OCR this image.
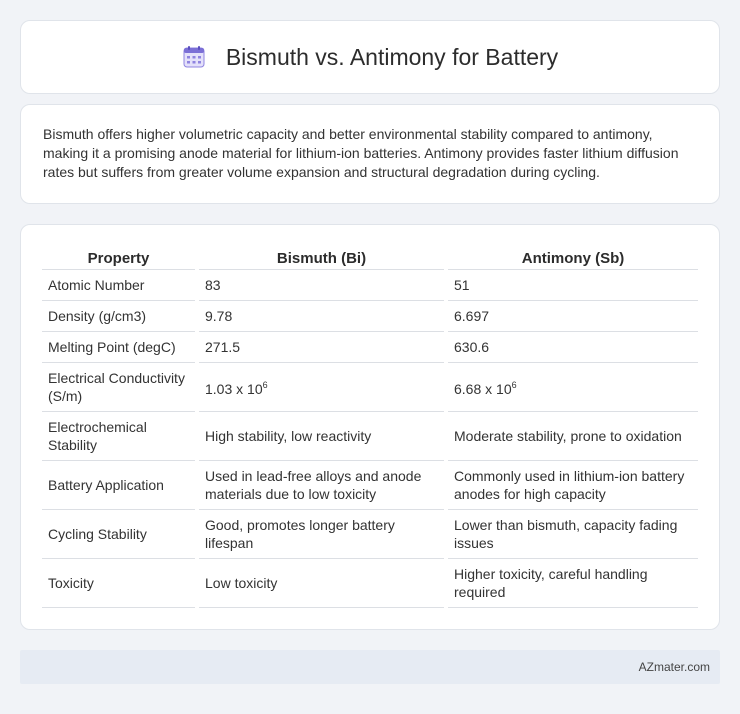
Bismuth vs. Antimony for Battery

Bismuth offers higher volumetric capacity and better environmental stability compared to antimony, making it a promising anode material for lithium-ion batteries. Antimony provides faster lithium diffusion rates but suffers from greater volume expansion and structural degradation during cycling.

Property		Bismuth (Bi)		Antimony (Sb)
Atomic Number		83		51
Density (g/cm3)		9.78		6.697
Melting Point (degC)		271.5		630.6
Electrical Conductivity (S/m)		1.03 x $10^6$		6.68 x $10^6$
Electrochemical Stability		High stability, low reactivity		Moderate stability, prone to oxidation
Battery Application		Used in lead-free alloys and anode materials due to low toxicity		Commonly used in lithium-ion battery anodes for high capacity
Cycling Stability		Good, promotes longer battery lifespan		Lower than bismuth, capacity fading issues
Toxicity		Low toxicity		Higher toxicity, careful handling required
AZmater.com
